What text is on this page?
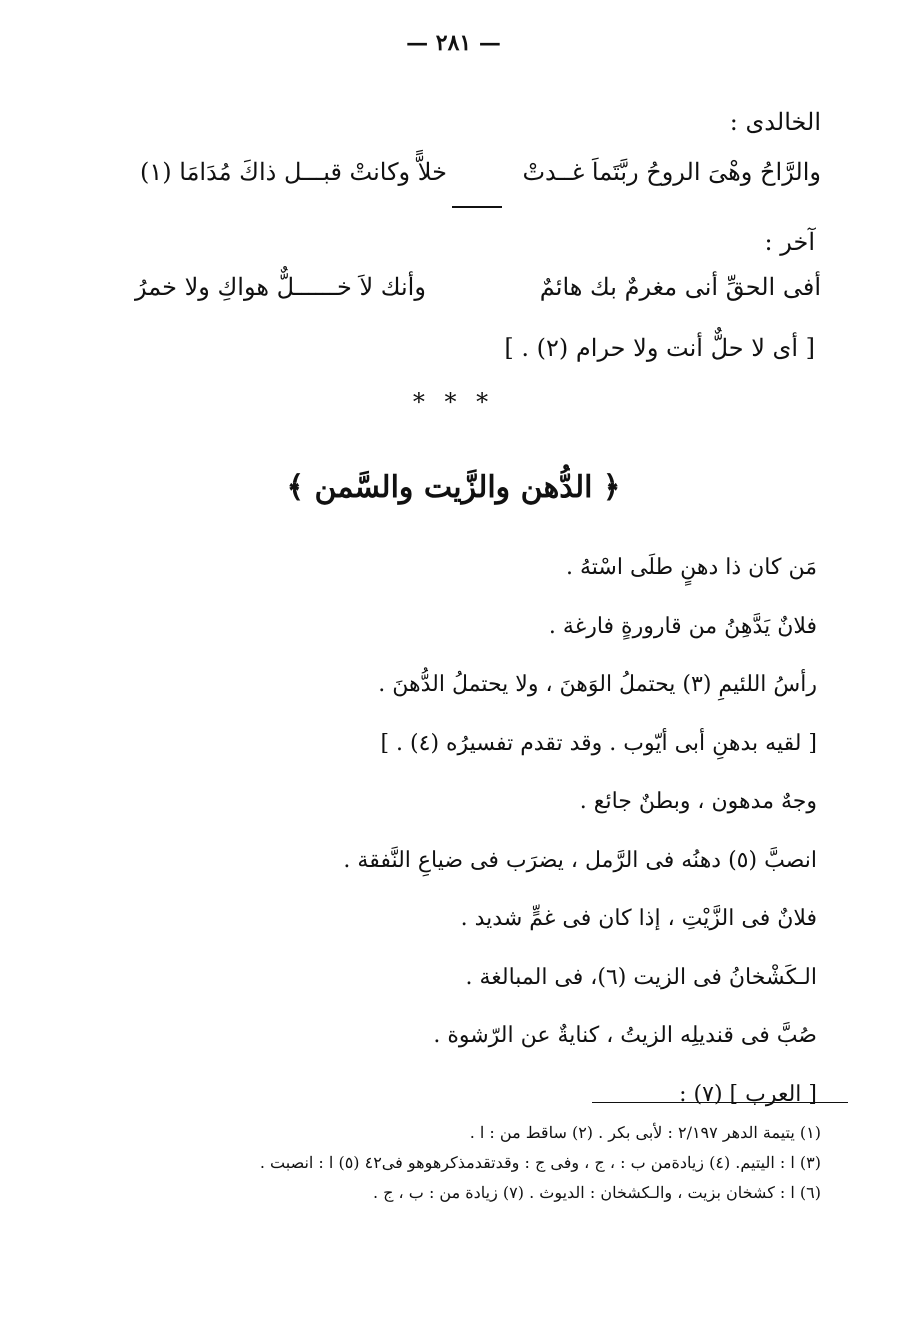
— ٢٨١ —
الخالدى :
والرَّاحُ وهْىَ الروحُ ربَّتَماَ غــدتْ
خلاًّ وكانتْ قبـــل ذاكَ مُدَامَا (١)
آخر :
أفى الحقِّ أنى مغرمٌ بك هائمٌ
وأنك لاَ خــــــلٌّ هواكِ ولا خمرُ
[ أى لا حلٌّ أنت ولا حرام (٢) . ]
* * *
﴿ الدُّهن والزَّيت والسَّمن ﴾
مَن كان ذا دهنٍ طلَى اسْتهُ .
فلانٌ يَدَّهِنُ من قارورةٍ فارغة .
رأسُ اللئيمِ (٣) يحتملُ الوَهنَ ، ولا يحتملُ الدُّهنَ .
[ لقيه بدهنِ أبى أيّوب . وقد تقدم تفسيرُه (٤) . ]
وجهٌ مدهون ، وبطنٌ جائع .
انصبَّ (٥) دهنُه فى الرَّمل ، يضرَب فى ضياعِ النَّفقة .
فلانٌ فى الزَّيْتِ ، إذا كان فى غمٍّ شديد .
الـكَشْخانُ فى الزيت (٦)، فى المبالغة .
صُبَّ فى قنديلِه الزيتُ ، كنايةٌ عن الرّشوة .
[ العرب ] (٧) :
(١) يتيمة الدهر ٢/١٩٧ : لأبى بكر . (٢) ساقط من : ا .
(٣) ا : اليتيم. (٤) زيادةمن ب : ، ج ، وفى ج : وقدتقدمذكرهوهو فى٤٢ (٥) ا : انصبت .
(٦) ا : كشخان بزيت ، والـكشخان : الديوث . (٧) زيادة من : ب ، ج .
